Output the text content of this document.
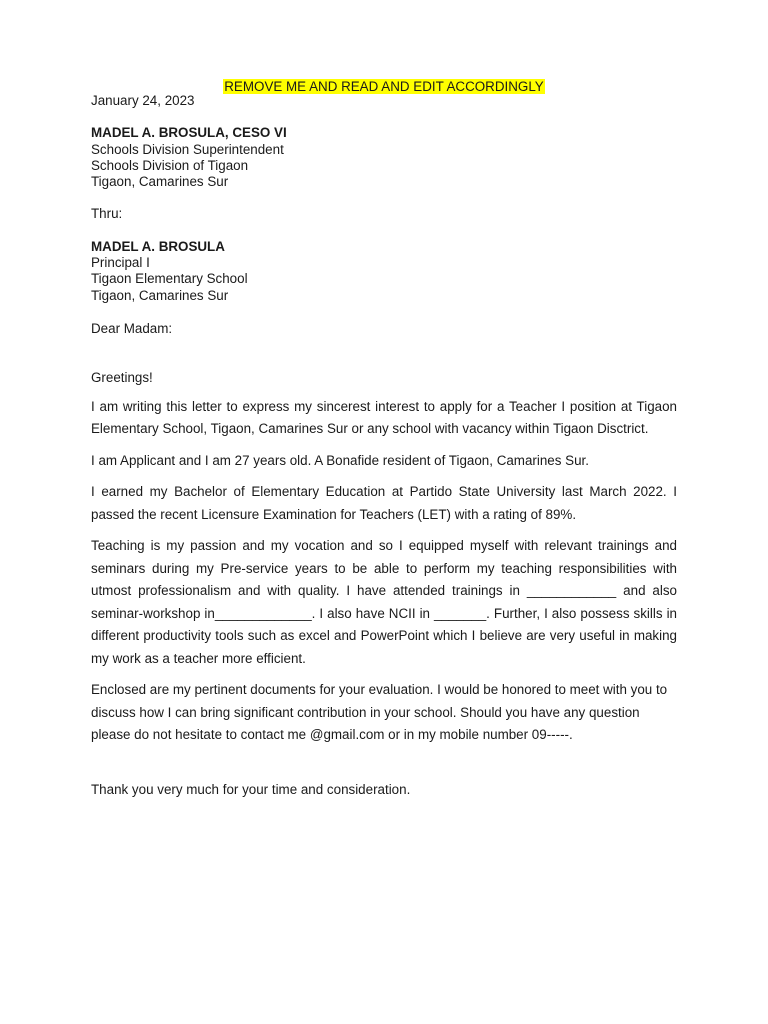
REMOVE ME AND READ AND EDIT ACCORDINGLY
January 24, 2023
MADEL A. BROSULA, CESO VI
Schools Division Superintendent
Schools Division of Tigaon
Tigaon, Camarines Sur
Thru:
MADEL A. BROSULA
Principal I
Tigaon Elementary School
Tigaon, Camarines Sur
Dear Madam:
Greetings!

I am writing this letter to express my sincerest interest to apply for a Teacher I position at Tigaon Elementary School, Tigaon, Camarines Sur or any school with vacancy within Tigaon Disctrict.

I am Applicant and I am 27 years old. A Bonafide resident of Tigaon, Camarines Sur.

I earned my Bachelor of Elementary Education at Partido State University last March 2022. I passed the recent Licensure Examination for Teachers (LET) with a rating of 89%.

Teaching is my passion and my vocation and so I equipped myself with relevant trainings and seminars during my Pre-service years to be able to perform my teaching responsibilities with utmost professionalism and with quality. I have attended trainings in ____________ and also seminar-workshop in_____________. I also have NCII in _______. Further, I also possess skills in different productivity tools such as excel and PowerPoint which I believe are very useful in making my work as a teacher more efficient.

Enclosed are my pertinent documents for your evaluation. I would be honored to meet with you to discuss how I can bring significant contribution in your school. Should you have any question please do not hesitate to contact me @gmail.com or in my mobile number 09-----.

Thank you very much for your time and consideration.
